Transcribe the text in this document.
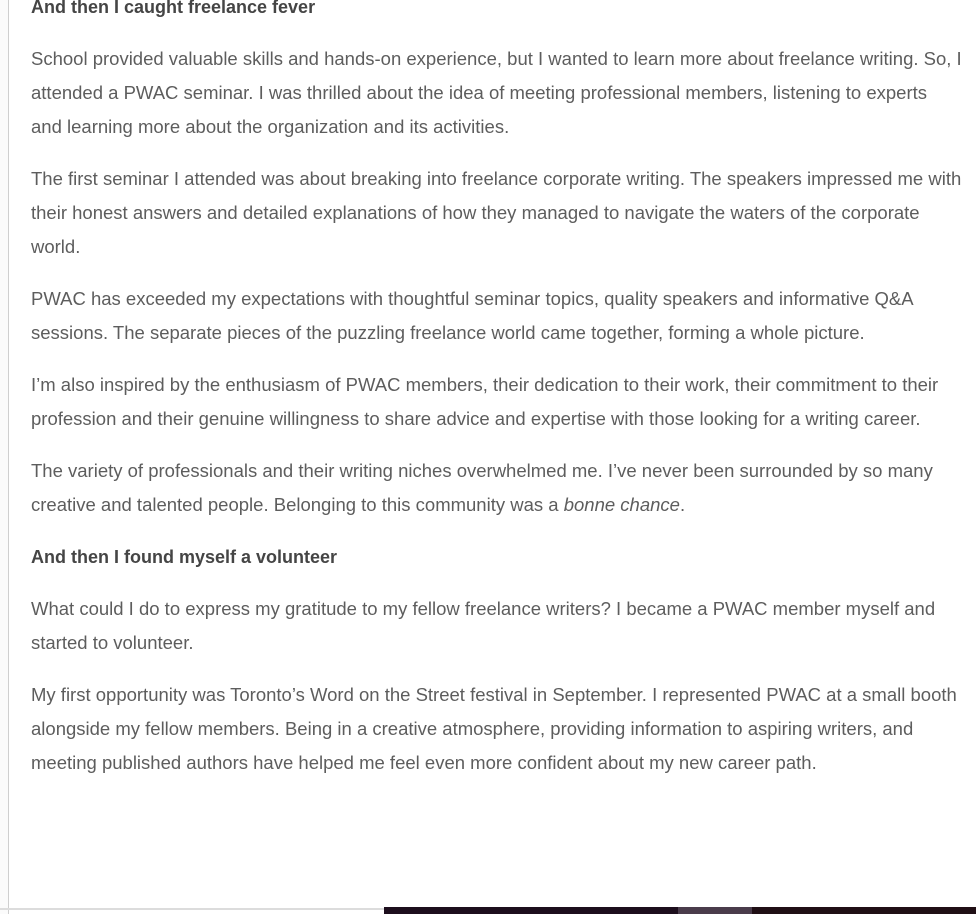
And then I caught freelance fever

School provided valuable skills and hands-on experience, but I wanted to learn more about freelance writing. So, I attended a PWAC seminar. I was thrilled about the idea of meeting professional members, listening to experts and learning more about the organization and its activities.

The first seminar I attended was about breaking into freelance corporate writing. The speakers impressed me with their honest answers and detailed explanations of how they managed to navigate the waters of the corporate world.

PWAC has exceeded my expectations with thoughtful seminar topics, quality speakers and informative Q&A sessions. The separate pieces of the puzzling freelance world came together, forming a whole picture.

I’m also inspired by the enthusiasm of PWAC members, their dedication to their work, their commitment to their profession and their genuine willingness to share advice and expertise with those looking for a writing career.

The variety of professionals and their writing niches overwhelmed me. I’ve never been surrounded by so many creative and talented people. Belonging to this community was a bonne chance.

And then I found myself a volunteer

What could I do to express my gratitude to my fellow freelance writers? I became a PWAC member myself and started to volunteer.

My first opportunity was Toronto’s Word on the Street festival in September. I represented PWAC at a small booth alongside my fellow members. Being in a creative atmosphere, providing information to aspiring writers, and meeting published authors have helped me feel even more confident about my new career path.
